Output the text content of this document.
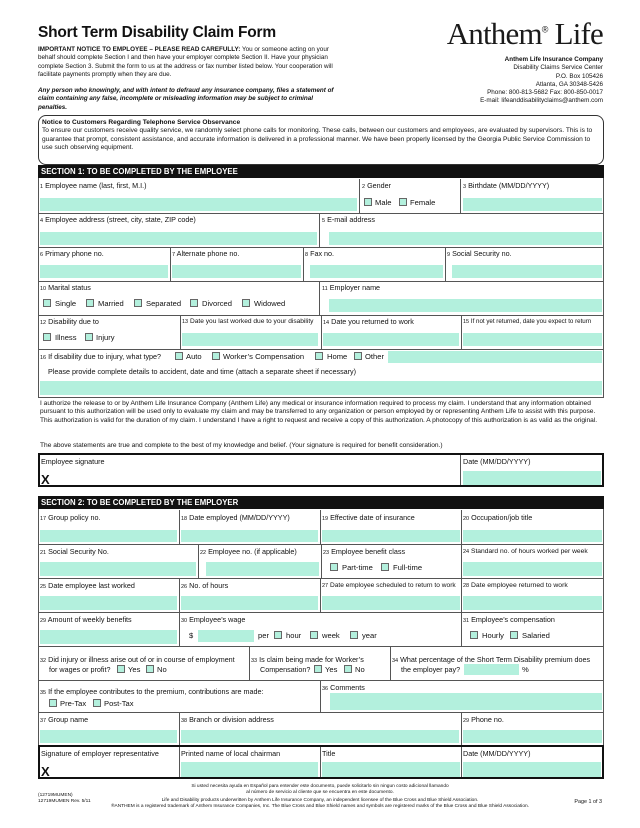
Short Term Disability Claim Form	Anthem® Life
IMPORTANT NOTICE TO EMPLOYEE – PLEASE READ CAREFULLY: You or someone acting on your behalf should complete Section I and then have your employer complete Section II. Have your physician complete Section 3. Submit the form to us at the address or fax number listed below. Your cooperation will facilitate payments promptly when they are due.
Any person who knowingly, and with intent to defraud any insurance company, files a statement of claim containing any false, incomplete or misleading information may be subject to criminal penalties.
Anthem Life Insurance Company
Disability Claims Service Center
P.O. Box 105426
Atlanta, GA 30348-5426
Phone: 800-813-5682 Fax: 800-850-0017
E-mail: lifeanddisabilityclaims@anthem.com
Notice to Customers Regarding Telephone Service Observance
To ensure our customers receive quality service, we randomly select phone calls for monitoring. These calls, between our customers and employees, are evaluated by supervisors. This is to guarantee that prompt, consistent assistance, and accurate information is delivered in a professional manner. We have been properly licensed by the Georgia Public Service Commission to use such observing equipment.
SECTION 1: TO BE COMPLETED BY THE EMPLOYEE
1 Employee name (last, first, M.I.)	2 Gender
Male Female
3 Birthdate (MM/DD/YYYY)
4 Employee address (street, city, state, ZIP code)	5 E-mail address
6 Primary phone no.	7 Alternate phone no.	8 Fax no.	9 Social Security no.
10 Marital status
Single	Married	Separated	Divorced	Widowed
11 Employer name
12 Disability due to
Illness	Injury
13 Date you last worked due to your disability 14 Date you returned to work	15 If not yet returned, date you expect to return
16 If disability due to injury, what type?	Auto	Worker’s Compensation	Home Other
Please provide complete details to accident, date and time (attach a separate sheet if necessary)
I authorize the release to or by Anthem Life Insurance Company (Anthem Life) any medical or insurance information required to process my claim. I understand that any information obtained pursuant to this authorization will be used only to evaluate my claim and may be transferred to any organization or person employed by or representing Anthem Life to assist with this purpose. This authorization is valid for the duration of my claim. I understand I have a right to request and receive a copy of this authorization. A photocopy of this authorization is as valid as the original.
The above statements are true and complete to the best of my knowledge and belief. (Your signature is required for benefit consideration.)
Employee signature
X
Date (MM/DD/YYYY)
SECTION 2: TO BE COMPLETED BY THE EMPLOYER
17 Group policy no.	18 Date employed (MM/DD/YYYY)	19 Effective date of insurance	20 Occupation/job title
21 Social Security No.	22 Employee no. (if applicable)	23 Employee benefit class
Part-time	Full-time
24 Standard no. of hours worked per week
25 Date employee last worked	26 No. of hours	27 Date employee scheduled to return to work 28 Date employee returned to work
29 Amount of weekly benefits	30 Employee’s wage
$	per hour	week	year
31 Employee’s compensation
Hourly Salaried
32 Did injury or illness arise out of or in course of employment
for wages or profit? Yes No
33 Is claim being made for Worker’s
Compensation? Yes No
34 What percentage of the Short Term Disability premium does
the employer pay?	%
35 If the employee contributes to the premium, contributions are made:
Pre-Tax Post-Tax
36 Comments
37 Group name	38 Branch or division address	29 Phone no.
Signature of employer representative
X
Printed name of local chairman	Title	Date (MM/DD/YYYY)
Si usted necesita ayuda en Español para entender este documento, puede solicitarlo sin ningun costo adicional llamando
al número de servicio al cliente que se encuentra en este documento.
Life and Disability products underwritten by Anthem Life Insurance Company, an independent licensee of the Blue Cross and Blue Shield Association.
®ANTHEM is a registered trademark of Anthem Insurance Companies, Inc. The Blue Cross and Blue Shield names and symbols are registered marks of the Blue Cross and Blue Shield Association.
(12719MUMEN)
12719MUMEN Rev. 5/11	Page 1 of 3
